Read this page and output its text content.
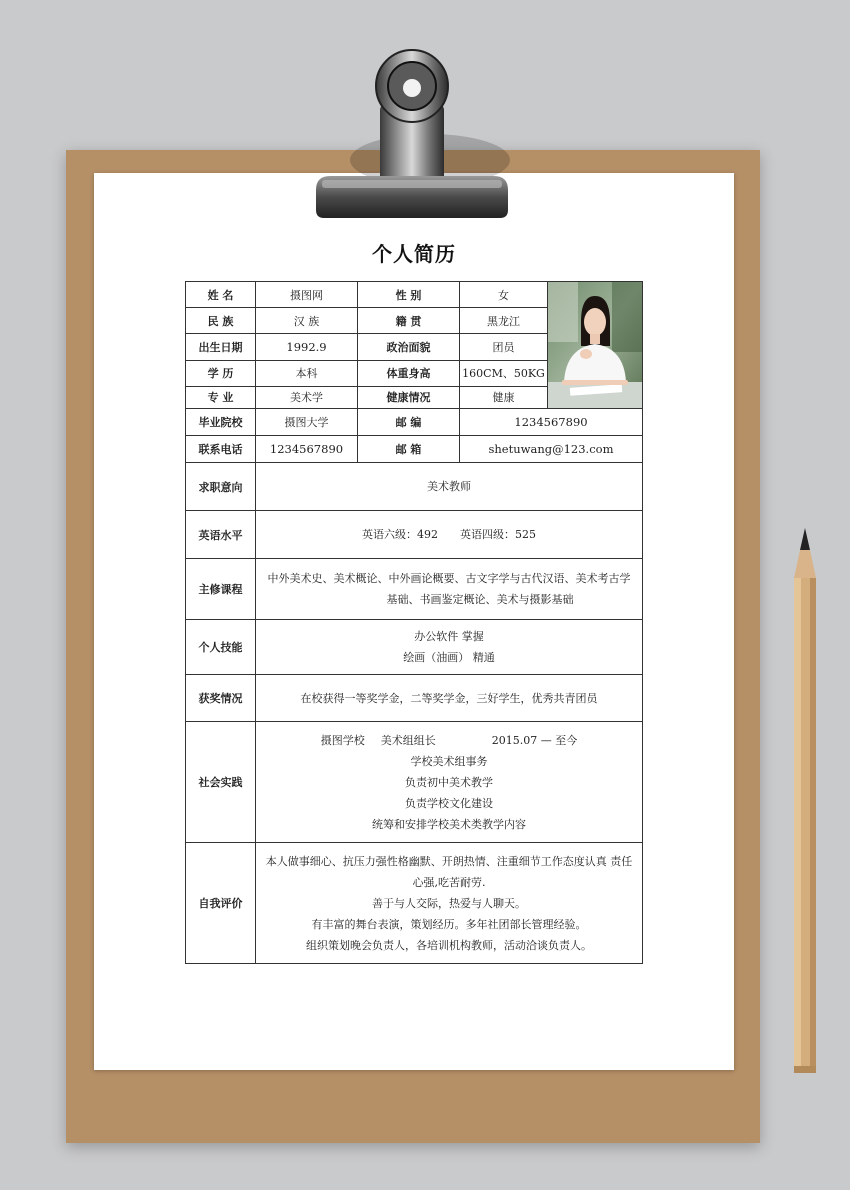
个人简历
姓 名	摄图网	性 别	女	

民 族	汉 族	籍 贯	黑龙江	
出生日期	1992.9	政治面貌	团员	
学 历	本科	体重身高	160CM、50KG	
专 业	美术学	健康情况	健康	
毕业院校	摄图大学	邮 编	1234567890	
联系电话	1234567890	邮 箱	shetuwang@123.com	
求职意向	美术教师			
英语水平	英语六级：492 英语四级：525			
主修课程	中外美术史、美术概论、中外画论概要、古文字学与古代汉语、美术考古学
基础、书画鉴定概论、美术与摄影基础			

个人技能	办公软件 掌握
绘画（油画） 精通			

获奖情况	在校获得一等奖学金，二等奖学金，三好学生，优秀共青团员			
社会实践	摄图学校 美术组组长 2015.07 — 至今
学校美术组事务
负责初中美术教学
负责学校文化建设
统筹和安排学校美术类教学内容			

自我评价	本人做事细心、抗压力强性格幽默、开朗热情、注重细节工作态度认真 责任
心强,吃苦耐劳.
善于与人交际，热爱与人聊天。
有丰富的舞台表演，策划经历。多年社团部长管理经验。
组织策划晚会负责人，各培训机构教师，活动洽谈负责人。			
